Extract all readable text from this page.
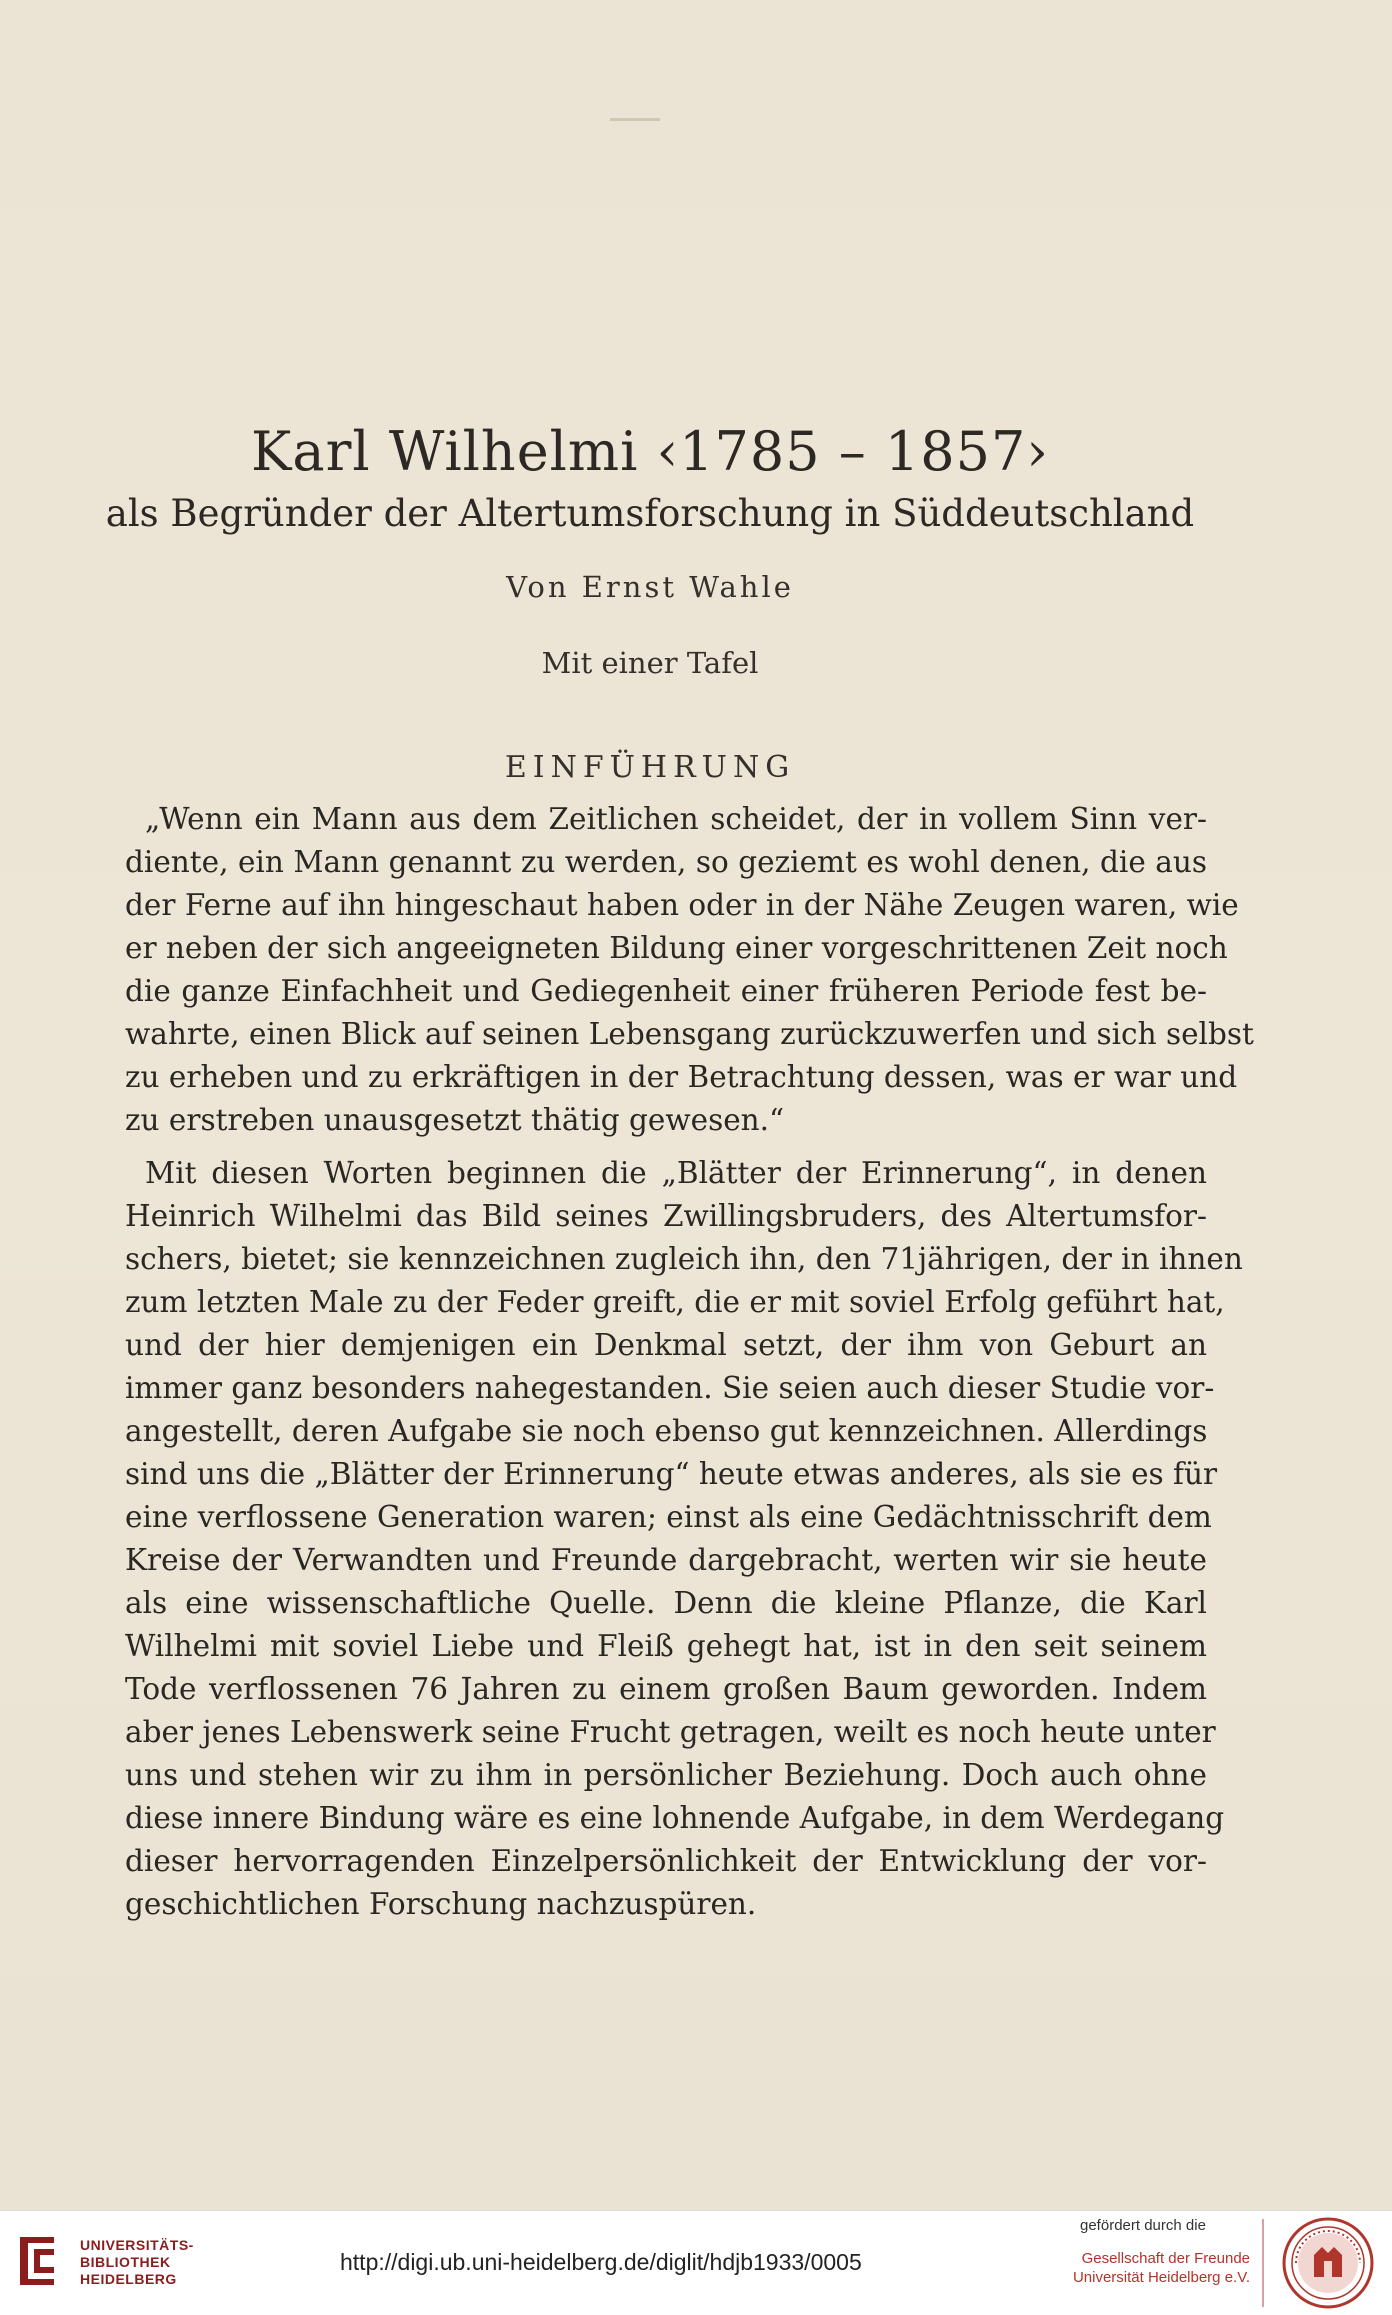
Karl Wilhelmi ‹1785 – 1857›
als Begründer der Altertumsforschung in Süddeutschland
Von Ernst Wahle
Mit einer Tafel
EINFÜHRUNG
„Wenn ein Mann aus dem Zeitlichen scheidet, der in vollem Sinn ver-
diente, ein Mann genannt zu werden, so geziemt es wohl denen, die aus
der Ferne auf ihn hingeschaut haben oder in der Nähe Zeugen waren, wie
er neben der sich angeeigneten Bildung einer vorgeschrittenen Zeit noch
die ganze Einfachheit und Gediegenheit einer früheren Periode fest be-
wahrte, einen Blick auf seinen Lebensgang zurückzuwerfen und sich selbst
zu erheben und zu erkräftigen in der Betrachtung dessen, was er war und
zu erstreben unausgesetzt thätig gewesen.“
Mit diesen Worten beginnen die „Blätter der Erinnerung“, in denen
Heinrich Wilhelmi das Bild seines Zwillingsbruders, des Altertumsfor-
schers, bietet; sie kennzeichnen zugleich ihn, den 71jährigen, der in ihnen
zum letzten Male zu der Feder greift, die er mit soviel Erfolg geführt hat,
und der hier demjenigen ein Denkmal setzt, der ihm von Geburt an
immer ganz besonders nahegestanden. Sie seien auch dieser Studie vor-
angestellt, deren Aufgabe sie noch ebenso gut kennzeichnen. Allerdings
sind uns die „Blätter der Erinnerung“ heute etwas anderes, als sie es für
eine verflossene Generation waren; einst als eine Gedächtnisschrift dem
Kreise der Verwandten und Freunde dargebracht, werten wir sie heute
als eine wissenschaftliche Quelle. Denn die kleine Pflanze, die Karl
Wilhelmi mit soviel Liebe und Fleiß gehegt hat, ist in den seit seinem
Tode verflossenen 76 Jahren zu einem großen Baum geworden. Indem
aber jenes Lebenswerk seine Frucht getragen, weilt es noch heute unter
uns und stehen wir zu ihm in persönlicher Beziehung. Doch auch ohne
diese innere Bindung wäre es eine lohnende Aufgabe, in dem Werdegang
dieser hervorragenden Einzelpersönlichkeit der Entwicklung der vor-
geschichtlichen Forschung nachzuspüren.
UNIVERSITÄTS-
BIBLIOTHEK
HEIDELBERG
http://digi.ub.uni-heidelberg.de/diglit/hdjb1933/0005
gefördert durch die
Gesellschaft der Freunde
Universität Heidelberg e.V.
